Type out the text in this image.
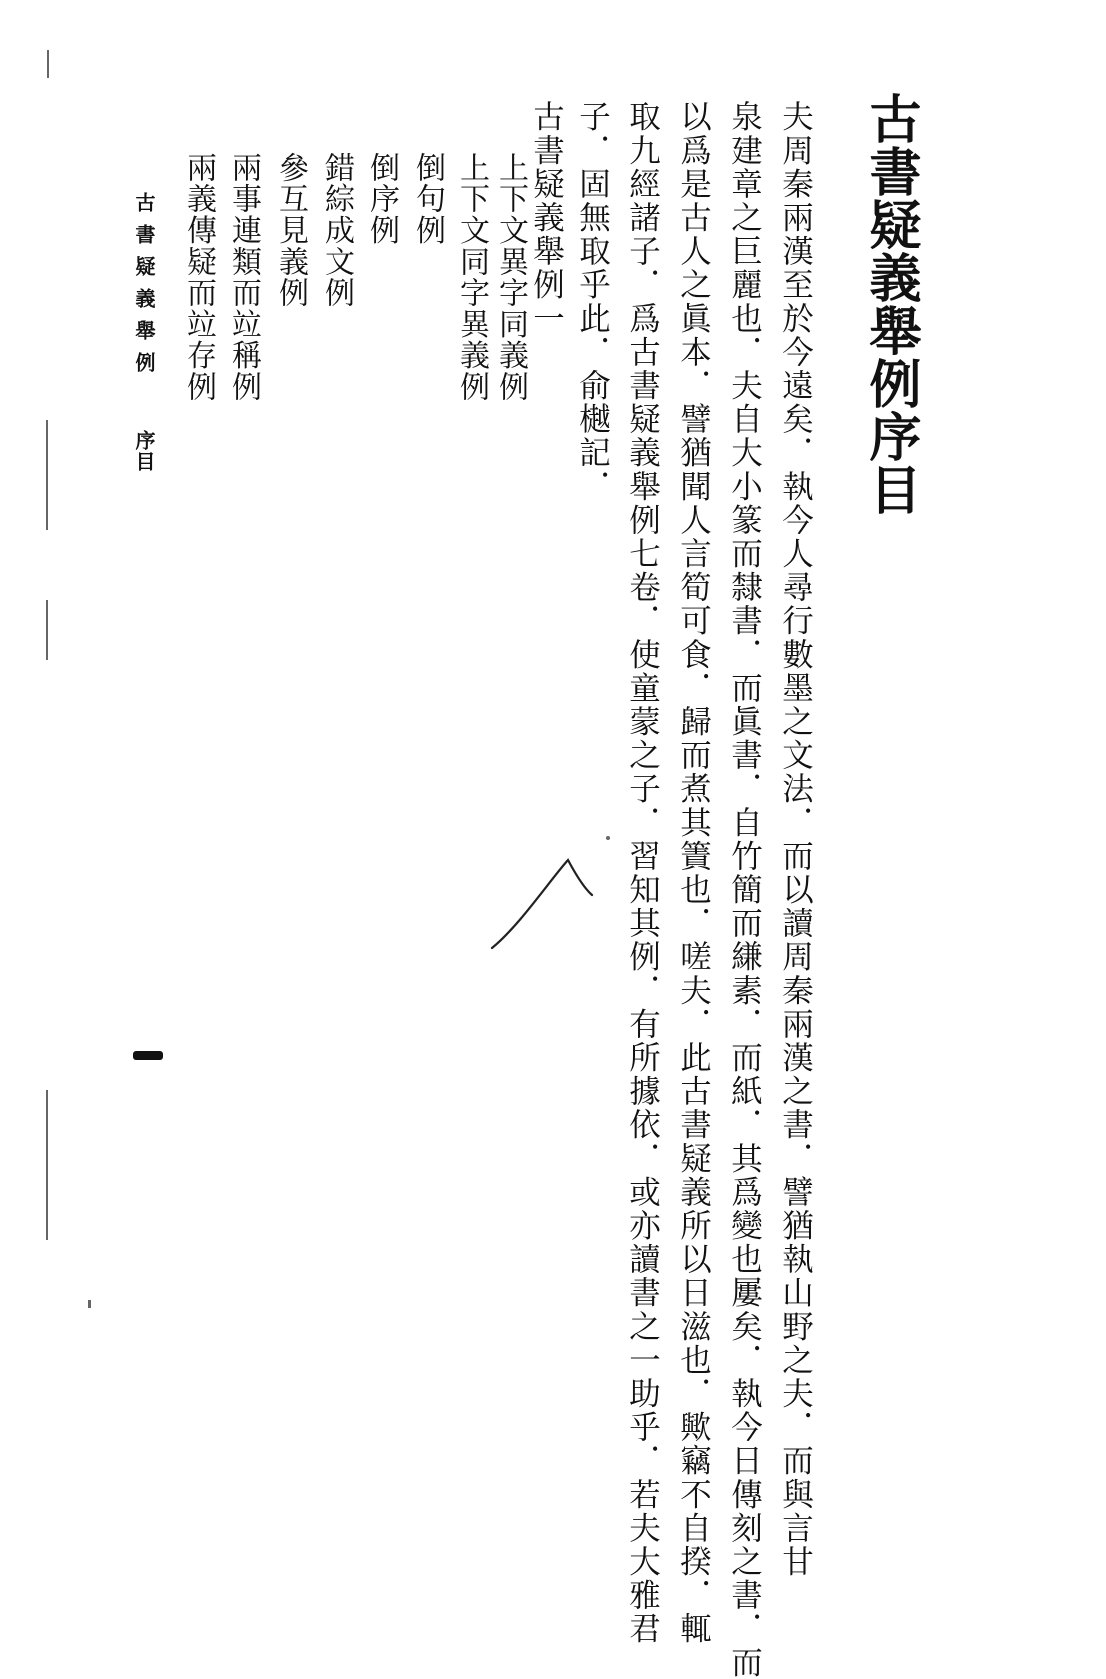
古書疑義舉例序目
夫周秦兩漢至於今遠矣．執今人尋行數墨之文法．而以讀周秦兩漢之書．譬猶執山野之夫．而與言甘
泉建章之巨麗也．夫自大小篆而隸書．而眞書．自竹簡而縑素．而紙．其爲變也屢矣．執今日傳刻之書．而
以爲是古人之眞本．譬猶聞人言筍可食．歸而煮其簀也．嗟夫．此古書疑義所以日滋也．歟竊不自揆．輒
取九經諸子．爲古書疑義舉例七卷．使童蒙之子．習知其例．有所據依．或亦讀書之一助乎．若夫大雅君
子．固無取乎此．俞樾記．
古書疑義舉例一
上下文異字同義例
上下文同字異義例
倒句例
倒序例
錯綜成文例
參互見義例
兩事連類而竝稱例
兩義傳疑而竝存例
古書疑義舉例
序目
